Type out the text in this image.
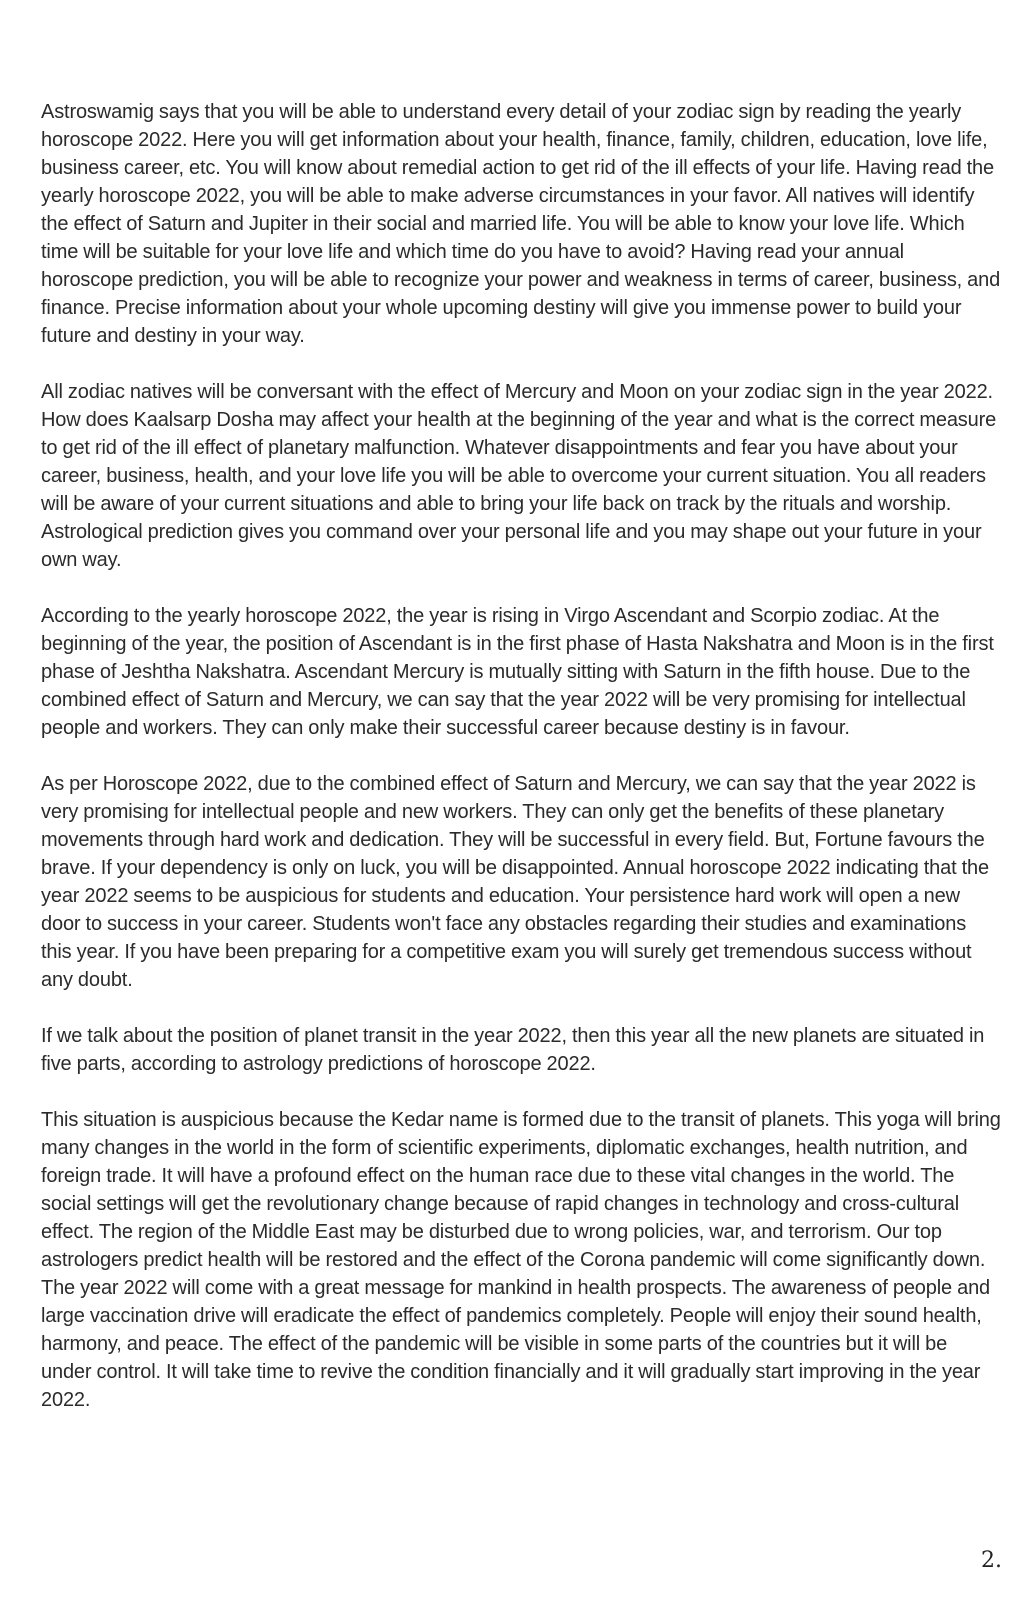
Astroswamig says that you will be able to understand every detail of your zodiac sign by reading the yearly horoscope 2022. Here you will get information about your health, finance, family, children, education, love life, business career, etc. You will know about remedial action to get rid of the ill effects of your life. Having read the yearly horoscope 2022, you will be able to make adverse circumstances in your favor. All natives will identify the effect of Saturn and Jupiter in their social and married life. You will be able to know your love life. Which time will be suitable for your love life and which time do you have to avoid? Having read your annual horoscope prediction, you will be able to recognize your power and weakness in terms of career, business, and finance. Precise information about your whole upcoming destiny will give you immense power to build your future and destiny in your way.

All zodiac natives will be conversant with the effect of Mercury and Moon on your zodiac sign in the year 2022. How does Kaalsarp Dosha may affect your health at the beginning of the year and what is the correct measure to get rid of the ill effect of planetary malfunction. Whatever disappointments and fear you have about your career, business, health, and your love life you will be able to overcome your current situation. You all readers will be aware of your current situations and able to bring your life back on track by the rituals and worship. Astrological prediction gives you command over your personal life and you may shape out your future in your own way.

According to the yearly horoscope 2022, the year is rising in Virgo Ascendant and Scorpio zodiac. At the beginning of the year, the position of Ascendant is in the first phase of Hasta Nakshatra and Moon is in the first phase of Jeshtha Nakshatra. Ascendant Mercury is mutually sitting with Saturn in the fifth house. Due to the combined effect of Saturn and Mercury, we can say that the year 2022 will be very promising for intellectual people and workers. They can only make their successful career because destiny is in favour.

As per Horoscope 2022, due to the combined effect of Saturn and Mercury, we can say that the year 2022 is very promising for intellectual people and new workers. They can only get the benefits of these planetary movements through hard work and dedication. They will be successful in every field. But, Fortune favours the brave. If your dependency is only on luck, you will be disappointed. Annual horoscope 2022 indicating that the year 2022 seems to be auspicious for students and education. Your persistence hard work will open a new door to success in your career. Students won't face any obstacles regarding their studies and examinations this year. If you have been preparing for a competitive exam you will surely get tremendous success without any doubt.

If we talk about the position of planet transit in the year 2022, then this year all the new planets are situated in five parts, according to astrology predictions of horoscope 2022.

This situation is auspicious because the Kedar name is formed due to the transit of planets. This yoga will bring many changes in the world in the form of scientific experiments, diplomatic exchanges, health nutrition, and foreign trade. It will have a profound effect on the human race due to these vital changes in the world. The social settings will get the revolutionary change because of rapid changes in technology and cross-cultural effect. The region of the Middle East may be disturbed due to wrong policies, war, and terrorism. Our top astrologers predict health will be restored and the effect of the Corona pandemic will come significantly down. The year 2022 will come with a great message for mankind in health prospects. The awareness of people and large vaccination drive will eradicate the effect of pandemics completely. People will enjoy their sound health, harmony, and peace. The effect of the pandemic will be visible in some parts of the countries but it will be under control. It will take time to revive the condition financially and it will gradually start improving in the year 2022.

2.
